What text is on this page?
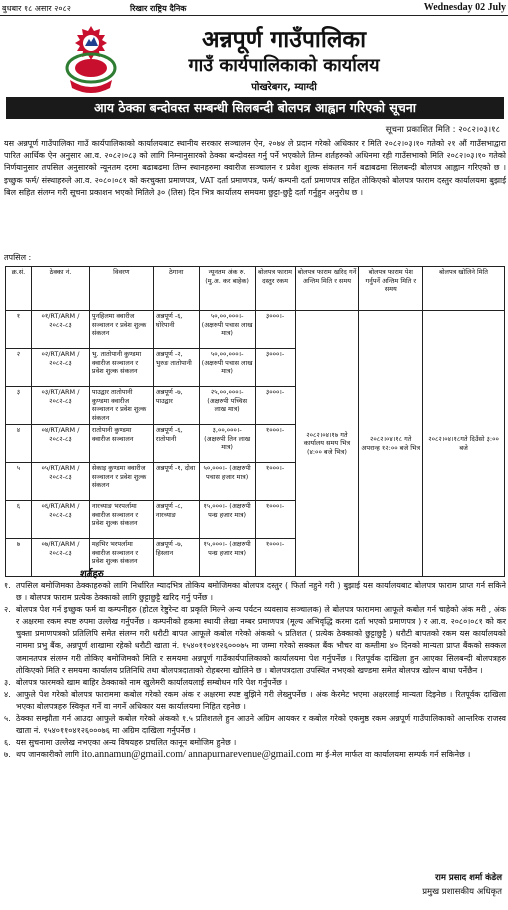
बुधबार १८ असार २०८२	रिखार राष्ट्रिय दैनिक	Wednesday 02 July
अन्नपूर्ण गाउँपालिका
गाउँ कार्यपालिकाको कार्यालय
पोखरेबगर, म्याग्दी
आय ठेक्का बन्दोवस्त सम्बन्धी सिलबन्दी बोलपत्र आह्वान गरिएको सूचना
सूचना प्रकाशित मिति : २०८२।०३।१८
यस अन्नपूर्ण गाउँपालिका गाउँ कार्यपालिकाको कार्यालयबाट स्थानीय सरकार सञ्चालन ऐन, २०७४ ले प्रदान गरेको अधिकार र मिति २०८२।०३।१० गतेको २१ औं गाउँसभाद्वारा पारित आर्थिक ऐन अनुसार आ.व. २०८२।०८३ को लागि निम्नानुसारको ठेक्का बन्दोवस्त गर्नु पर्ने भएकोले तिम्न शर्तहरुको अधिनमा रही गाउँसभाको मिति २०८२।०३।१० गतेको निर्णयानुसार तपसिल अनुसारको न्यूनतम दरमा बढाबढमा तिम्न स्थानहरुमा क्वारीज सञ्चालन र प्रवेश शुल्क संकलन गर्न बढाबढमा सिलबन्दी बोलपत्र आह्वान गरिएको छ । इच्छुक फर्म/ संस्थाहरुले आ.व. २०८०।०८१ को करचुक्ता प्रमाणपत्र, VAT दर्ता प्रमाणपत्र, फर्म/ कम्पनी दर्ता प्रमाणपत्र सहित तोकिएको बोलपत्र फाराम दस्तुर कार्यालयमा बुझाई बिल सहित संलग्न गरी सूचना प्रकाशन भएको मितिले ३० (तिस) दिन भित्र कार्यालय समयमा छुट्टा-छुट्टै दर्ता गर्नुहुन अनुरोध छ ।
तपसिल :
क्र.सं.	ठेक्का नं.	विवरण	ठेगाना	न्यूनतम अंक रु. (मु.अ. कर बाहेक)	बोलपत्र फाराम दस्तुर रकम	बोलपत्र फाराम खरिद गर्ने अन्तिम मिति र समय	बोलपत्र फाराम पेश गर्नुपर्ने अन्तिम मिति र समय	बोलपत्र खोलिने मिति
१	०१/RT/ARM /२०८२-८३	पुनहिलमा क्वारीज सञ्चालन र प्रवेश शुल्क संकलन	अन्नपूर्ण -६, घोरेपानी	५०,००,०००।- (अक्षरुपी पचास लाख मात्र)	३०००।-	२०८२।०४।१७ गते कार्यालय समय भित्र (४:०० बजे भित्र)	२०८२।०४।१८ गते अपरान्ह १२:०० बजे भित्र	२०८२।०४।१८गते दिउँसो ३:०० बजे
२	०२/RT/ARM /२०८२-८३	भु. तातोपानी कुण्डमा क्वारीज सञ्चालन र प्रवेश शुल्क संकलन	अन्नपूर्ण -२, भुरुङ तातोपानी	५०,००,०००।- (अक्षरुपी पचास लाख मात्र)	३०००।-			
३	०३/RT/ARM /२०८२-८३	पाउद्वार तातोपानी कुण्डमा क्वारीज सञ्चालन र प्रवेश शुल्क संकलन	अन्नपूर्ण -७, पाउद्वार	२५,००,०००।- (अक्षरुपी पच्चिस लाख मात्र)	३०००।-			
४	०४/RT/ARM /२०८२-८३	रातोपानी कुण्डमा क्वारीज सञ्चालन	अन्नपूर्ण -६, रातोपानी	३,००,०००।- (अक्षरुपी तिन लाख मात्र)	१०००।-			
५	०५/RT/ARM /२०८२-८३	सेकाइ कुण्डमा क्वारीज सञ्चालन र प्रवेश शुल्क संकलन	अन्नपूर्ण -१, दोवा	५०,०००।- (अक्षरुपी पचास हजार मात्र)	१०००।-			
६	०६/RT/ARM /२०८२-८३	नारच्याङ भरपर्लामा क्वारीज सञ्चालन र प्रवेश शुल्क संकलन	अन्नपूर्ण -८, नारच्याङ	१५,०००।- (अक्षरुपी पन्ध्र हजार मात्र)	१०००।-			
७	०७/RT/ARM /२०८२-८३	महभिर भरपर्लामा क्वारीज सञ्चालन र प्रवेश शुल्क संकलन	अन्नपूर्ण -७, हिस्लान	१५,०००।- (अक्षरुपी पन्ध्र हजार मात्र)	१०००।-			
शर्तहरु
१. तपसिल बमोजिमका ठेक्काहरुको लागि निर्धारित म्यादभित्र तोकिय बमोजिमका बोलपत्र दस्तुर ( फिर्ता नहुने गरी ) बुझाई यस कार्यालयबाट बोलपत्र फाराम प्राप्त गर्न सकिने छ । बोलपत्र फाराम प्रत्येक ठेक्काको लागि छुट्टाछुट्टै खरिद गर्नु पर्नेछ ।
२. बोलपत्र पेश गर्न इच्छुक फर्म वा कम्पनीहरु (होटल रेष्टुरेन्ट वा प्रकृति मिल्ने अन्य पर्यटन व्यवसाय सञ्चालक) ले बोलपत्र फाराममा आफूले कबोल गर्न चाहेको अंक मरी , अंक र अक्षरमा रकम स्पष्ट रुपमा उल्लेख गर्नुपर्नेछ । कम्पनीको हकमा स्थायी लेखा नम्बर प्रमाणपत्र (मूल्य अभिवृद्धि करमा दर्ता भएको प्रमाणपत्र ) र आ.व. २०८०।०८१ को कर चुक्ता प्रमाणपत्रको प्रतिलिपि समेत संलग्न गरी धरौटी बापत आफूले कबोल गरेको अंकको ५ प्रतिशत ( प्रत्येक ठेक्काको छुट्टाछुट्टै ) धरौटी बापतको रकम यस कार्यालयको नाममा प्रभु बैंक, अन्नपूर्ण शाखामा रहेको धरौटी खाता नं. १५४०११०४१२६०००७५ मा जम्मा गरेको सक्कल बैंक भौचर वा कम्तीमा ४० दिनको मान्यता प्राप्त बैंकको सक्कल जमानतपत्र संलग्न गरी तोकिए बमोजिमको मिति र समयमा अन्नपूर्ण गाउँकार्यपालिकाको कार्यालयमा पेश गर्नुपर्नेछ । रितपूर्वक दाखिला हुन आएका सिलबन्दी बोलपत्रहरु तोकिएको मिति र समयमा कार्यालय प्रतिनिधि तथा बोलपत्रदाताको रोहबरमा खोलिने छ । बोलपत्रदाता उपस्थित नभएको खण्डमा समेत बोलपत्र खोल्न बाधा पर्नेछैन ।
३. बोलपत्र फारमको खाम बाहिर ठेक्काको नाम खुलेमरी कार्यालयलाई सम्बोधन गरि पेश गर्नुपर्नेछ ।
४. आफुले पेश गरेको बोलपत्र फाराममा कबोल गरेको रकम अंक र अक्षरमा स्पष्ट बुझिने गरी लेख्नुपर्नेछ । अंक केरमेट भएमा अक्षरलाई मान्यता दिइनेछ । रितपूर्वक दाखिला भएका बोलपत्रहरु स्विकृत गर्ने वा नगर्ने अधिकार यस कार्यालयमा निहित रहनेछ ।
५. ठेक्का सम्झौता गर्न आउदा आफुले कबोल गरेको अंकको १.५ प्रतिशतले हुन आउने अग्रिम आयकर र कबोल गरेको एकमुष्ठ रकम अन्नपूर्ण गाउँपालिकाको आन्तरिक राजस्व खाता नं. १५४०११०४१२६०००७६ मा अग्रिम दाखिला गर्नुपर्नेछ ।
६. यस सुचनामा उल्लेख नभएका अन्य विषयहरु प्रचलित कानून बमोजिम हुनेछ ।
७. थप जानकारीको लागि ito.annamun@gmail.com/ annapurnarevenue@gmail.com मा ई-मेल मार्फत वा कार्यालयमा सम्पर्क गर्न सकिनेछ ।
राम प्रसाद शर्मा कंडेल
प्रमुख प्रशासकीय अधिकृत
